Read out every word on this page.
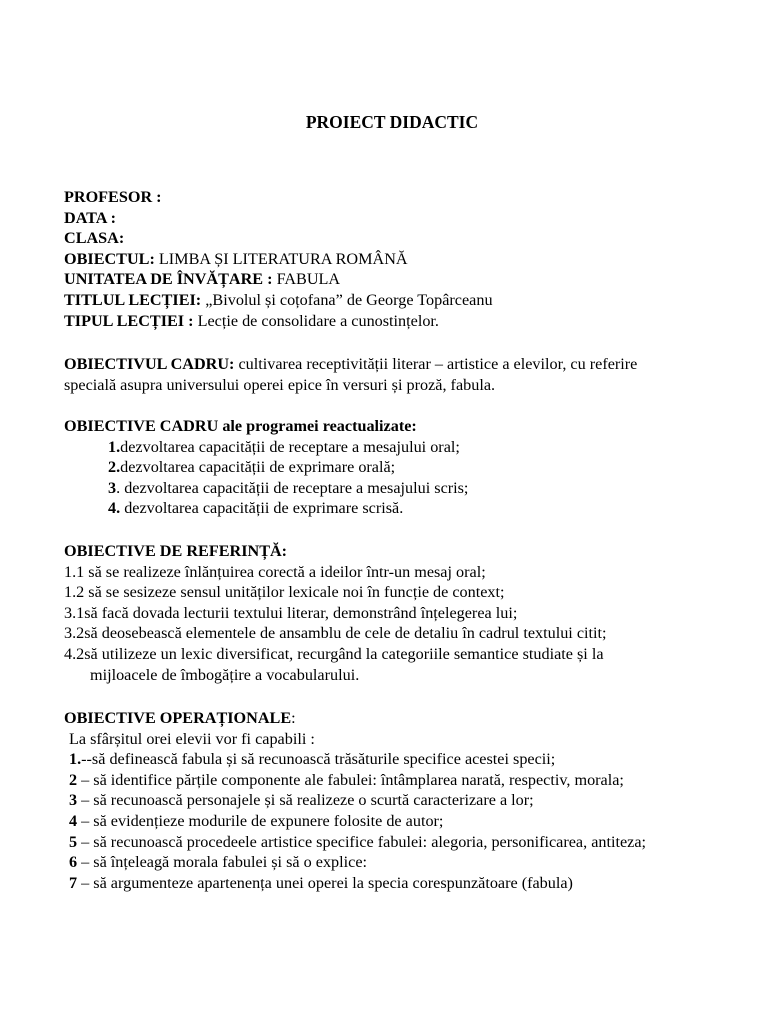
PROIECT DIDACTIC
PROFESOR :
DATA :
CLASA:
OBIECTUL: LIMBA ȘI LITERATURA ROMÂNĂ
UNITATEA DE ÎNVĂȚARE : FABULA
TITLUL LECȚIEI: „Bivolul și coțofana” de George Topârceanu
TIPUL LECȚIEI : Lecție de consolidare a cunostințelor.
OBIECTIVUL CADRU: cultivarea receptivității literar – artistice a elevilor, cu referire
specială asupra universului operei epice în versuri și proză, fabula.
OBIECTIVE CADRU ale programei reactualizate:
1.dezvoltarea capacității de receptare a mesajului oral;
2.dezvoltarea capacității de exprimare orală;
3. dezvoltarea capacității de receptare a mesajului scris;
4. dezvoltarea capacității de exprimare scrisă.
OBIECTIVE DE REFERINȚĂ:
1.1 să se realizeze înlănțuirea corectă a ideilor într-un mesaj oral;
1.2 să se sesizeze sensul unităților lexicale noi în funcție de context;
3.1să facă dovada lecturii textului literar, demonstrând înțelegerea lui;
3.2să deosebească elementele de ansamblu de cele de detaliu în cadrul textului citit;
4.2să utilizeze un lexic diversificat, recurgând la categoriile semantice studiate și la
mijloacele de îmbogățire a vocabularului.
OBIECTIVE OPERAȚIONALE:
La sfârșitul orei elevii vor fi capabili :
1.--să definească fabula și să recunoască trăsăturile specifice acestei specii;
2 – să identifice părțile componente ale fabulei: întâmplarea narată, respectiv, morala;
3 – să recunoască personajele și să realizeze o scurtă caracterizare a lor;
4 – să evidențieze modurile de expunere folosite de autor;
5 – să recunoască procedeele artistice specifice fabulei: alegoria, personificarea, antiteza;
6 – să înțeleagă morala fabulei și să o explice:
7 – să argumenteze apartenența unei operei la specia corespunzătoare (fabula)
